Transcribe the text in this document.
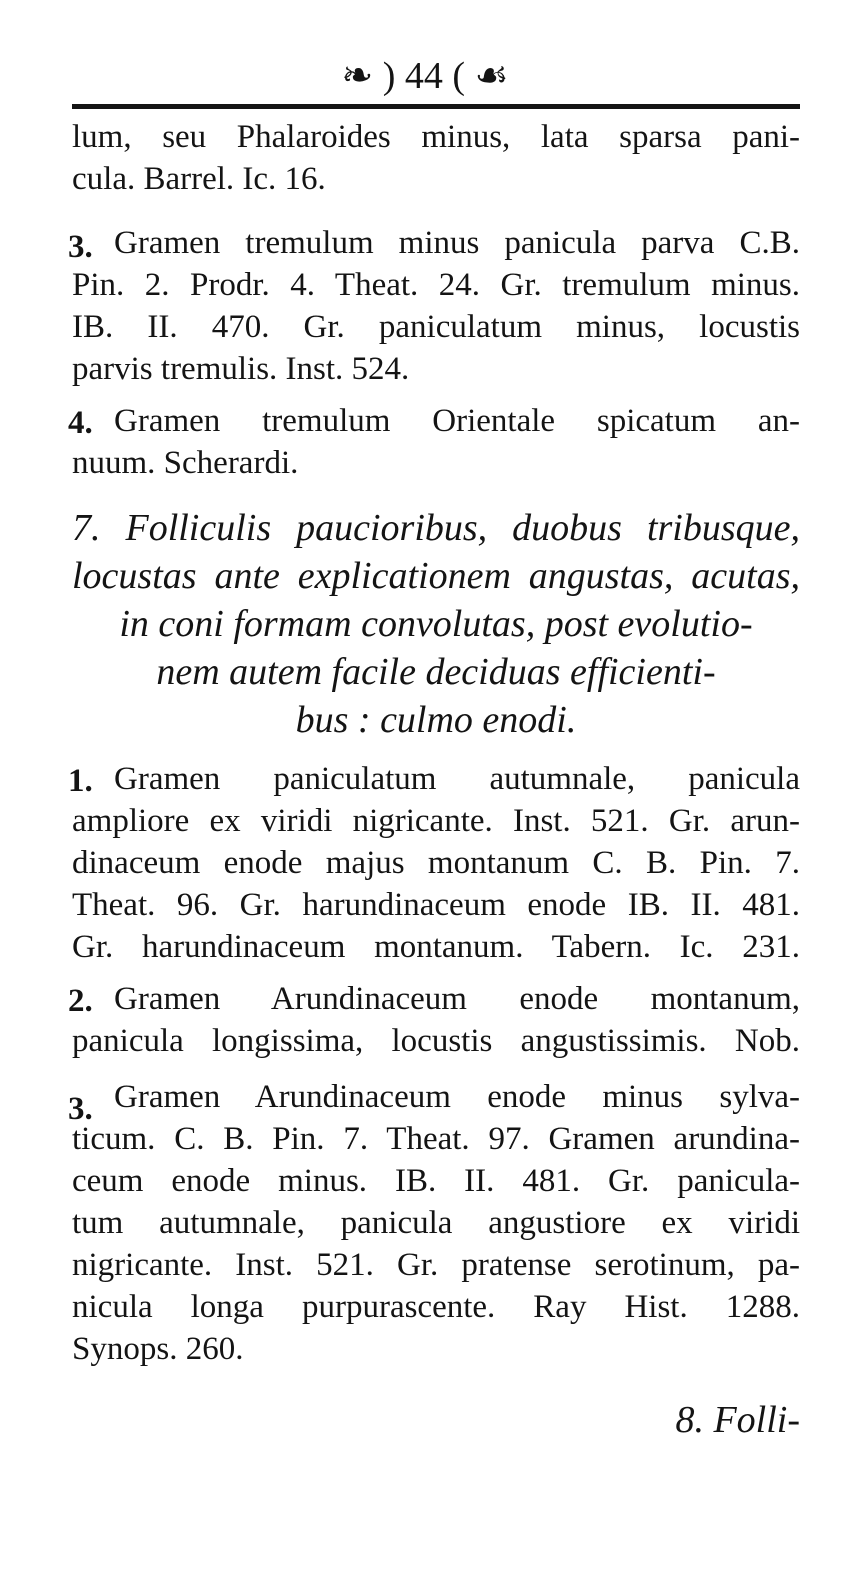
❧ ) 44 ( ☙
lum, seu Phalaroides minus, lata sparsa pani-
cula. Barrel. Ic. 16.
3. Gramen tremulum minus panicula parva C.B.
Pin. 2. Prodr. 4. Theat. 24. Gr. tremulum minus.
IB. II. 470. Gr. paniculatum minus, locustis
parvis tremulis. Inst. 524.
4. Gramen tremulum Orientale spicatum an-
nuum. Scherardi.
7. Folliculis paucioribus, duobus tribusque,
locustas ante explicationem angustas, acutas,
in coni formam convolutas, post evolutio-
nem autem facile deciduas efficienti-
bus : culmo enodi.
1. Gramen paniculatum autumnale, panicula
ampliore ex viridi nigricante. Inst. 521. Gr. arun-
dinaceum enode majus montanum C. B. Pin. 7.
Theat. 96. Gr. harundinaceum enode IB. II. 481.
Gr. harundinaceum montanum. Tabern. Ic. 231.
2. Gramen Arundinaceum enode montanum,
panicula longissima, locustis angustissimis. Nob.
3. Gramen Arundinaceum enode minus sylva-
ticum. C. B. Pin. 7. Theat. 97. Gramen arundina-
ceum enode minus. IB. II. 481. Gr. panicula-
tum autumnale, panicula angustiore ex viridi
nigricante. Inst. 521. Gr. pratense serotinum, pa-
nicula longa purpurascente. Ray Hist. 1288.
Synops. 260.
8. Folli-
